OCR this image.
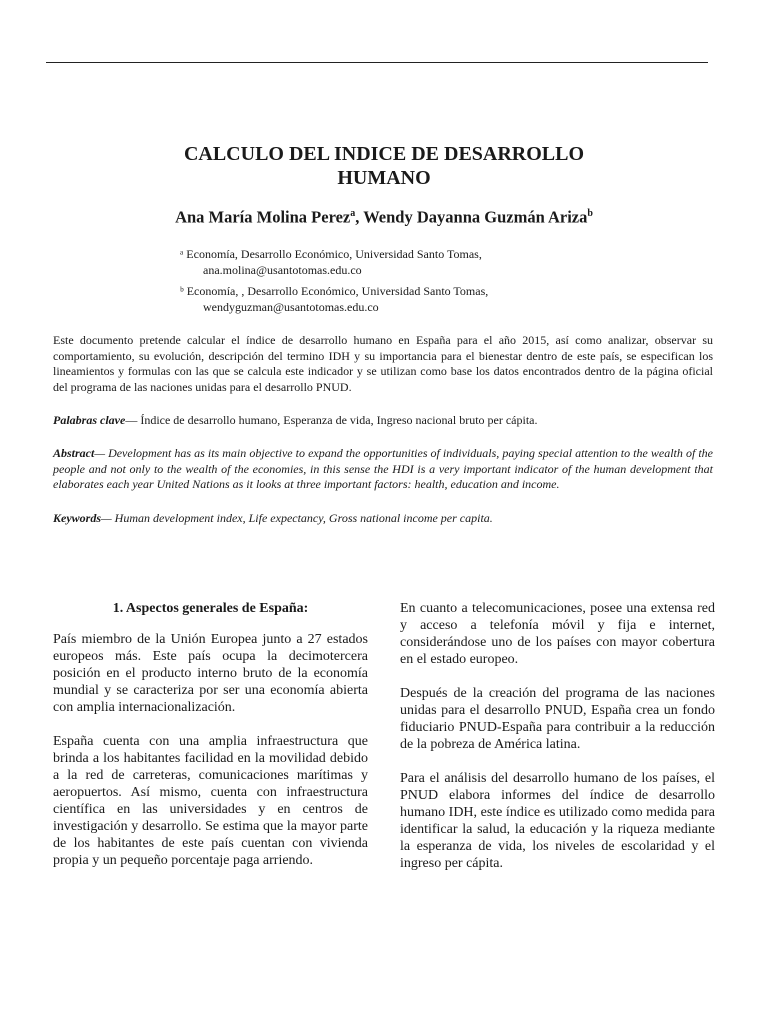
CALCULO DEL INDICE DE DESARROLLO
HUMANO
Ana María Molina Perez$^a$, Wendy Dayanna Guzmán Ariza$^b$
ᵃ Economía, Desarrollo Económico, Universidad Santo Tomas,
ana.molina@usantotomas.edu.co
ᵇ Economía, , Desarrollo Económico, Universidad Santo Tomas,
wendyguzman@usantotomas.edu.co
Este documento pretende calcular el índice de desarrollo humano en España para el año 2015, así como analizar, observar su comportamiento, su evolución, descripción del termino IDH y su importancia para el bienestar dentro de este país, se especifican los lineamientos y formulas con las que se calcula este indicador y se utilizan como base los datos encontrados dentro de la página oficial del programa de las naciones unidas para el desarrollo PNUD.
Palabras clave— Índice de desarrollo humano, Esperanza de vida, Ingreso nacional bruto per cápita.
Abstract— Development has as its main objective to expand the opportunities of individuals, paying special attention to the wealth of the people and not only to the wealth of the economies, in this sense the HDI is a very important indicator of the human development that elaborates each year United Nations as it looks at three important factors: health, education and income.
Keywords— Human development index, Life expectancy, Gross national income per capita.
1. Aspectos generales de España:

País miembro de la Unión Europea junto a 27 estados europeos más. Este país ocupa la decimotercera posición en el producto interno bruto de la economía mundial y se caracteriza por ser una economía abierta con amplia internacionalización.

España cuenta con una amplia infraestructura que brinda a los habitantes facilidad en la movilidad debido a la red de carreteras, comunicaciones marítimas y aeropuertos. Así mismo, cuenta con infraestructura científica en las universidades y en centros de investigación y desarrollo. Se estima que la mayor parte de los habitantes de este país cuentan con vivienda propia y un pequeño porcentaje paga arriendo.

En cuanto a telecomunicaciones, posee una extensa red y acceso a telefonía móvil y fija e internet, considerándose uno de los países con mayor cobertura en el estado europeo.

Después de la creación del programa de las naciones unidas para el desarrollo PNUD, España crea un fondo fiduciario PNUD-España para contribuir a la reducción de la pobreza de América latina.

Para el análisis del desarrollo humano de los países, el PNUD elabora informes del índice de desarrollo humano IDH, este índice es utilizado como medida para identificar la salud, la educación y la riqueza mediante la esperanza de vida, los niveles de escolaridad y el ingreso per cápita.
